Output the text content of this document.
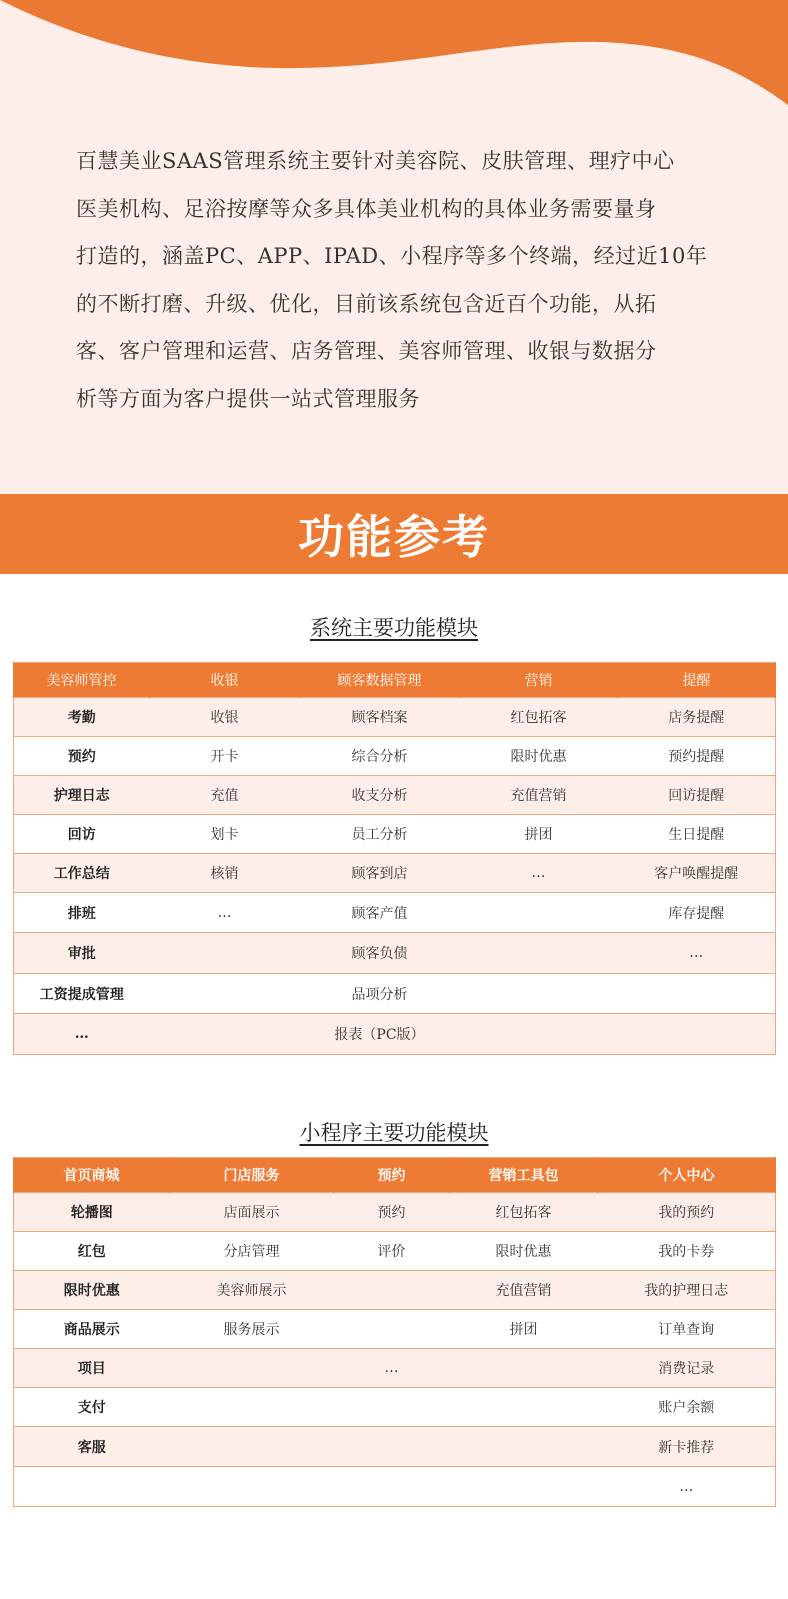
百慧美业SAAS管理系统主要针对美容院、皮肤管理、理疗中心
医美机构、足浴按摩等众多具体美业机构的具体业务需要量身
打造的，涵盖PC、APP、IPAD、小程序等多个终端，经过近10年
的不断打磨、升级、优化，目前该系统包含近百个功能，从拓
客、客户管理和运营、店务管理、美容师管理、收银与数据分
析等方面为客户提供一站式管理服务
功能参考
系统主要功能模块
美容师管控	收银	顾客数据管理	营销	提醒
考勤	收银	顾客档案	红包拓客	店务提醒
预约	开卡	综合分析	限时优惠	预约提醒
护理日志	充值	收支分析	充值营销	回访提醒
回访	划卡	员工分析	拼团	生日提醒
工作总结	核销	顾客到店	…	客户唤醒提醒
排班	…	顾客产值		库存提醒
审批		顾客负债		…
工资提成管理		品项分析		
…		报表（PC版）		
小程序主要功能模块
首页商城	门店服务	预约	营销工具包	个人中心
轮播图	店面展示	预约	红包拓客	我的预约
红包	分店管理	评价	限时优惠	我的卡券
限时优惠	美容师展示		充值营销	我的护理日志
商品展示	服务展示		拼团	订单查询
项目		…		消费记录
支付				账户余额
客服				新卡推荐
				…
